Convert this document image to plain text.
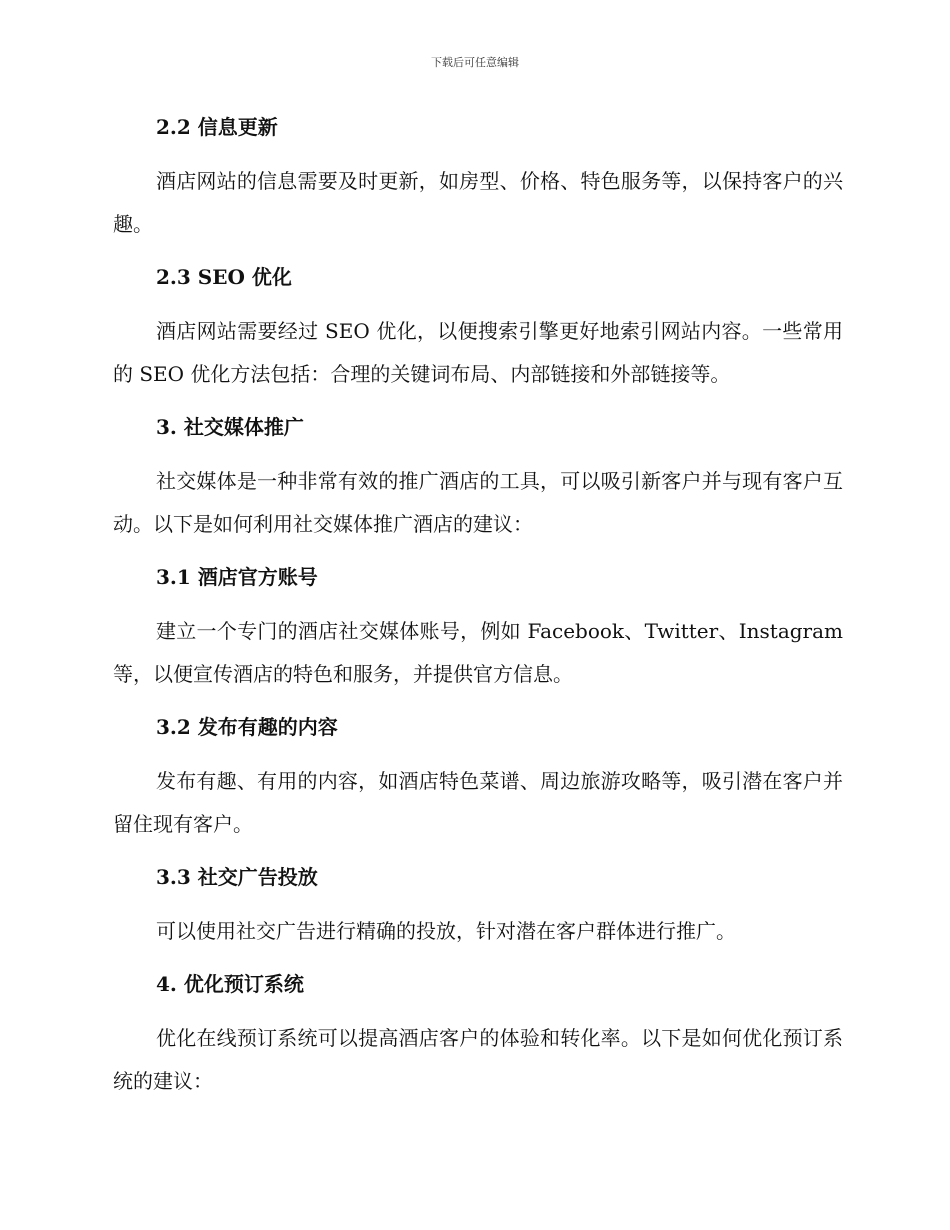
下载后可任意编辑
2.2 信息更新

酒店网站的信息需要及时更新，如房型、价格、特色服务等，以保持客户的兴趣。

2.3 SEO 优化

酒店网站需要经过 SEO 优化，以便搜索引擎更好地索引网站内容。一些常用的 SEO 优化方法包括：合理的关键词布局、内部链接和外部链接等。

3. 社交媒体推广

社交媒体是一种非常有效的推广酒店的工具，可以吸引新客户并与现有客户互动。以下是如何利用社交媒体推广酒店的建议：

3.1 酒店官方账号

建立一个专门的酒店社交媒体账号，例如 Facebook、Twitter、Instagram等，以便宣传酒店的特色和服务，并提供官方信息。

3.2 发布有趣的内容

发布有趣、有用的内容，如酒店特色菜谱、周边旅游攻略等，吸引潜在客户并留住现有客户。

3.3 社交广告投放

可以使用社交广告进行精确的投放，针对潜在客户群体进行推广。

4. 优化预订系统

优化在线预订系统可以提高酒店客户的体验和转化率。以下是如何优化预订系统的建议：
